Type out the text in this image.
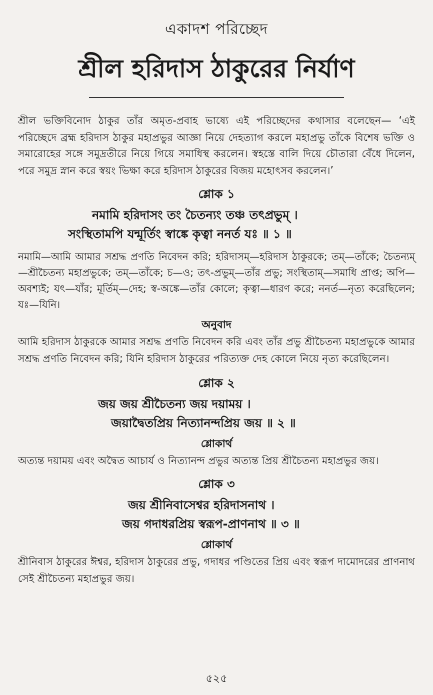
একাদশ পরিচ্ছেদ
শ্রীল হরিদাস ঠাকুরের নির্যাণ
শ্রীল ভক্তিবিনোদ ঠাকুর তাঁর অমৃত-প্রবাহ ভাষ্যে এই পরিচ্ছেদের কথাসার বলেছেন— ‘এই পরিচ্ছেদে ব্রহ্ম হরিদাস ঠাকুর মহাপ্রভুর আজ্ঞা নিয়ে দেহত্যাগ করলে মহাপ্রভু তাঁকে বিশেষ ভক্তি ও সমারোহের সঙ্গে সমুদ্রতীরে নিয়ে গিয়ে সমাধিস্থ করলেন। স্বহস্তে বালি দিয়ে চৌতারা বেঁধে দিলেন, পরে সমুদ্র স্নান করে স্বয়ং ভিক্ষা করে হরিদাস ঠাকুরের বিজয় মহোৎসব করলেন।’
শ্লোক ১
নমামি হরিদাসং তং চৈতন্যং তঞ্চ তৎপ্রভুম্‌ ।
সংস্থিতামপি যন্মূর্তিং স্বাঙ্কে কৃত্বা ননর্ত যঃ ॥ ১ ॥
নমামি—আমি আমার সশ্রদ্ধ প্রণতি নিবেদন করি; হরিদাসম্‌—হরিদাস ঠাকুরকে; তম্‌—তাঁকে; চৈতন্যম্‌—শ্রীচৈতন্য মহাপ্রভুকে; তম্‌—তাঁকে; চ—ও; তৎ-প্রভুম্‌—তাঁর প্রভু; সংস্থিতাম্‌—সমাধি প্রাপ্ত; অপি—অবশ্যই; যৎ—যাঁর; মূর্তিম্‌—দেহ; স্ব-অঙ্কে—তাঁর কোলে; কৃত্বা—ধারণ করে; ননর্ত—নৃত্য করেছিলেন; যঃ—যিনি।
অনুবাদ
আমি হরিদাস ঠাকুরকে আমার সশ্রদ্ধ প্রণতি নিবেদন করি এবং তাঁর প্রভু শ্রীচৈতন্য মহাপ্রভুকে আমার সশ্রদ্ধ প্রণতি নিবেদন করি; যিনি হরিদাস ঠাকুরের পরিত্যক্ত দেহ কোলে নিয়ে নৃত্য করেছিলেন।
শ্লোক ২
জয় জয় শ্রীচৈতন্য জয় দয়াময় ।
জয়াদ্বৈতপ্রিয় নিত্যানন্দপ্রিয় জয় ॥ ২ ॥
শ্লোকার্থ
অত্যন্ত দয়াময় এবং অদ্বৈত আচার্য ও নিত্যানন্দ প্রভুর অত্যন্ত প্রিয় শ্রীচৈতন্য মহাপ্রভুর জয়।
শ্লোক ৩
জয় শ্রীনিবাসেশ্বর হরিদাসনাথ ।
জয় গদাধরপ্রিয় স্বরূপ-প্রাণনাথ ॥ ৩ ॥
শ্লোকার্থ
শ্রীনিবাস ঠাকুরের ঈশ্বর, হরিদাস ঠাকুরের প্রভু, গদাধর পণ্ডিতের প্রিয় এবং স্বরূপ দামোদরের প্রাণনাথ সেই শ্রীচৈতন্য মহাপ্রভুর জয়।
৫২৫
